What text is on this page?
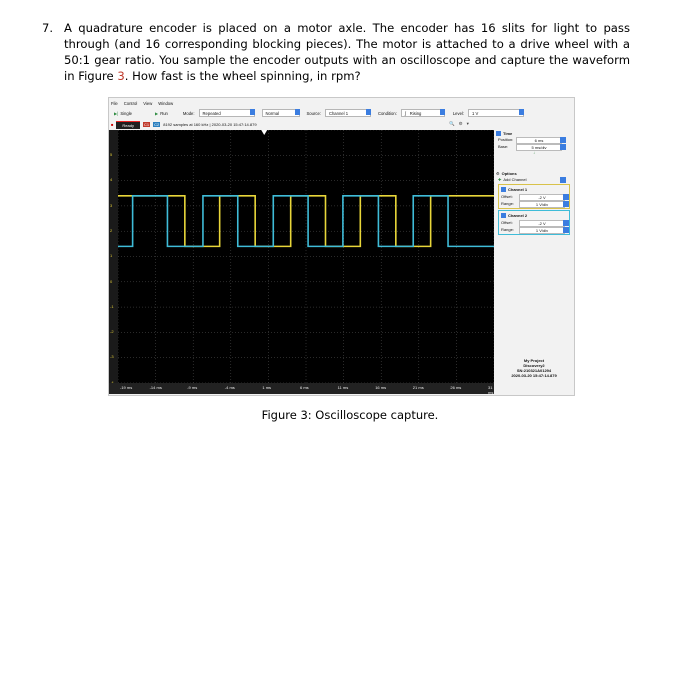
7. A quadrature encoder is placed on a motor axle. The encoder has 16 slits for light to pass through (and 16 corresponding blocking pieces). The motor is attached to a drive wheel with a 50:1 gear ratio. You sample the encoder outputs with an oscilloscope and capture the waveform in Figure 3. How fast is the wheel spinning, in rpm?
File Control View Window
▶| Single	▶ Run	Mode: Repeated	Normal	Source: Channel 1	Condition: ʃ Rising	Level: 1 V
■	Ready	C1 C2 8192 samples at 160 kHz | 2020-03-20 15:47:14.879	🔍 ⚙ ▾
5
4
3
2
1
0
-1
-2
-3
-19 ms	-14 ms	-9 ms	-4 ms	1 ms	6 ms	11 ms	16 ms	21 ms	26 ms	31 ms
Time
Position:	6 ms
Base:	5 ms/div
↓
⚙ Options
✚ Add Channel
Channel 1
Offset:	-2 V
Range:	1 V/div
Channel 2
Offset:	-2 V
Range:	1 V/div
My Project
Discovery2
SN:210321A01294
2020-03-20 15:47:14.879
Figure 3: Oscilloscope capture.
